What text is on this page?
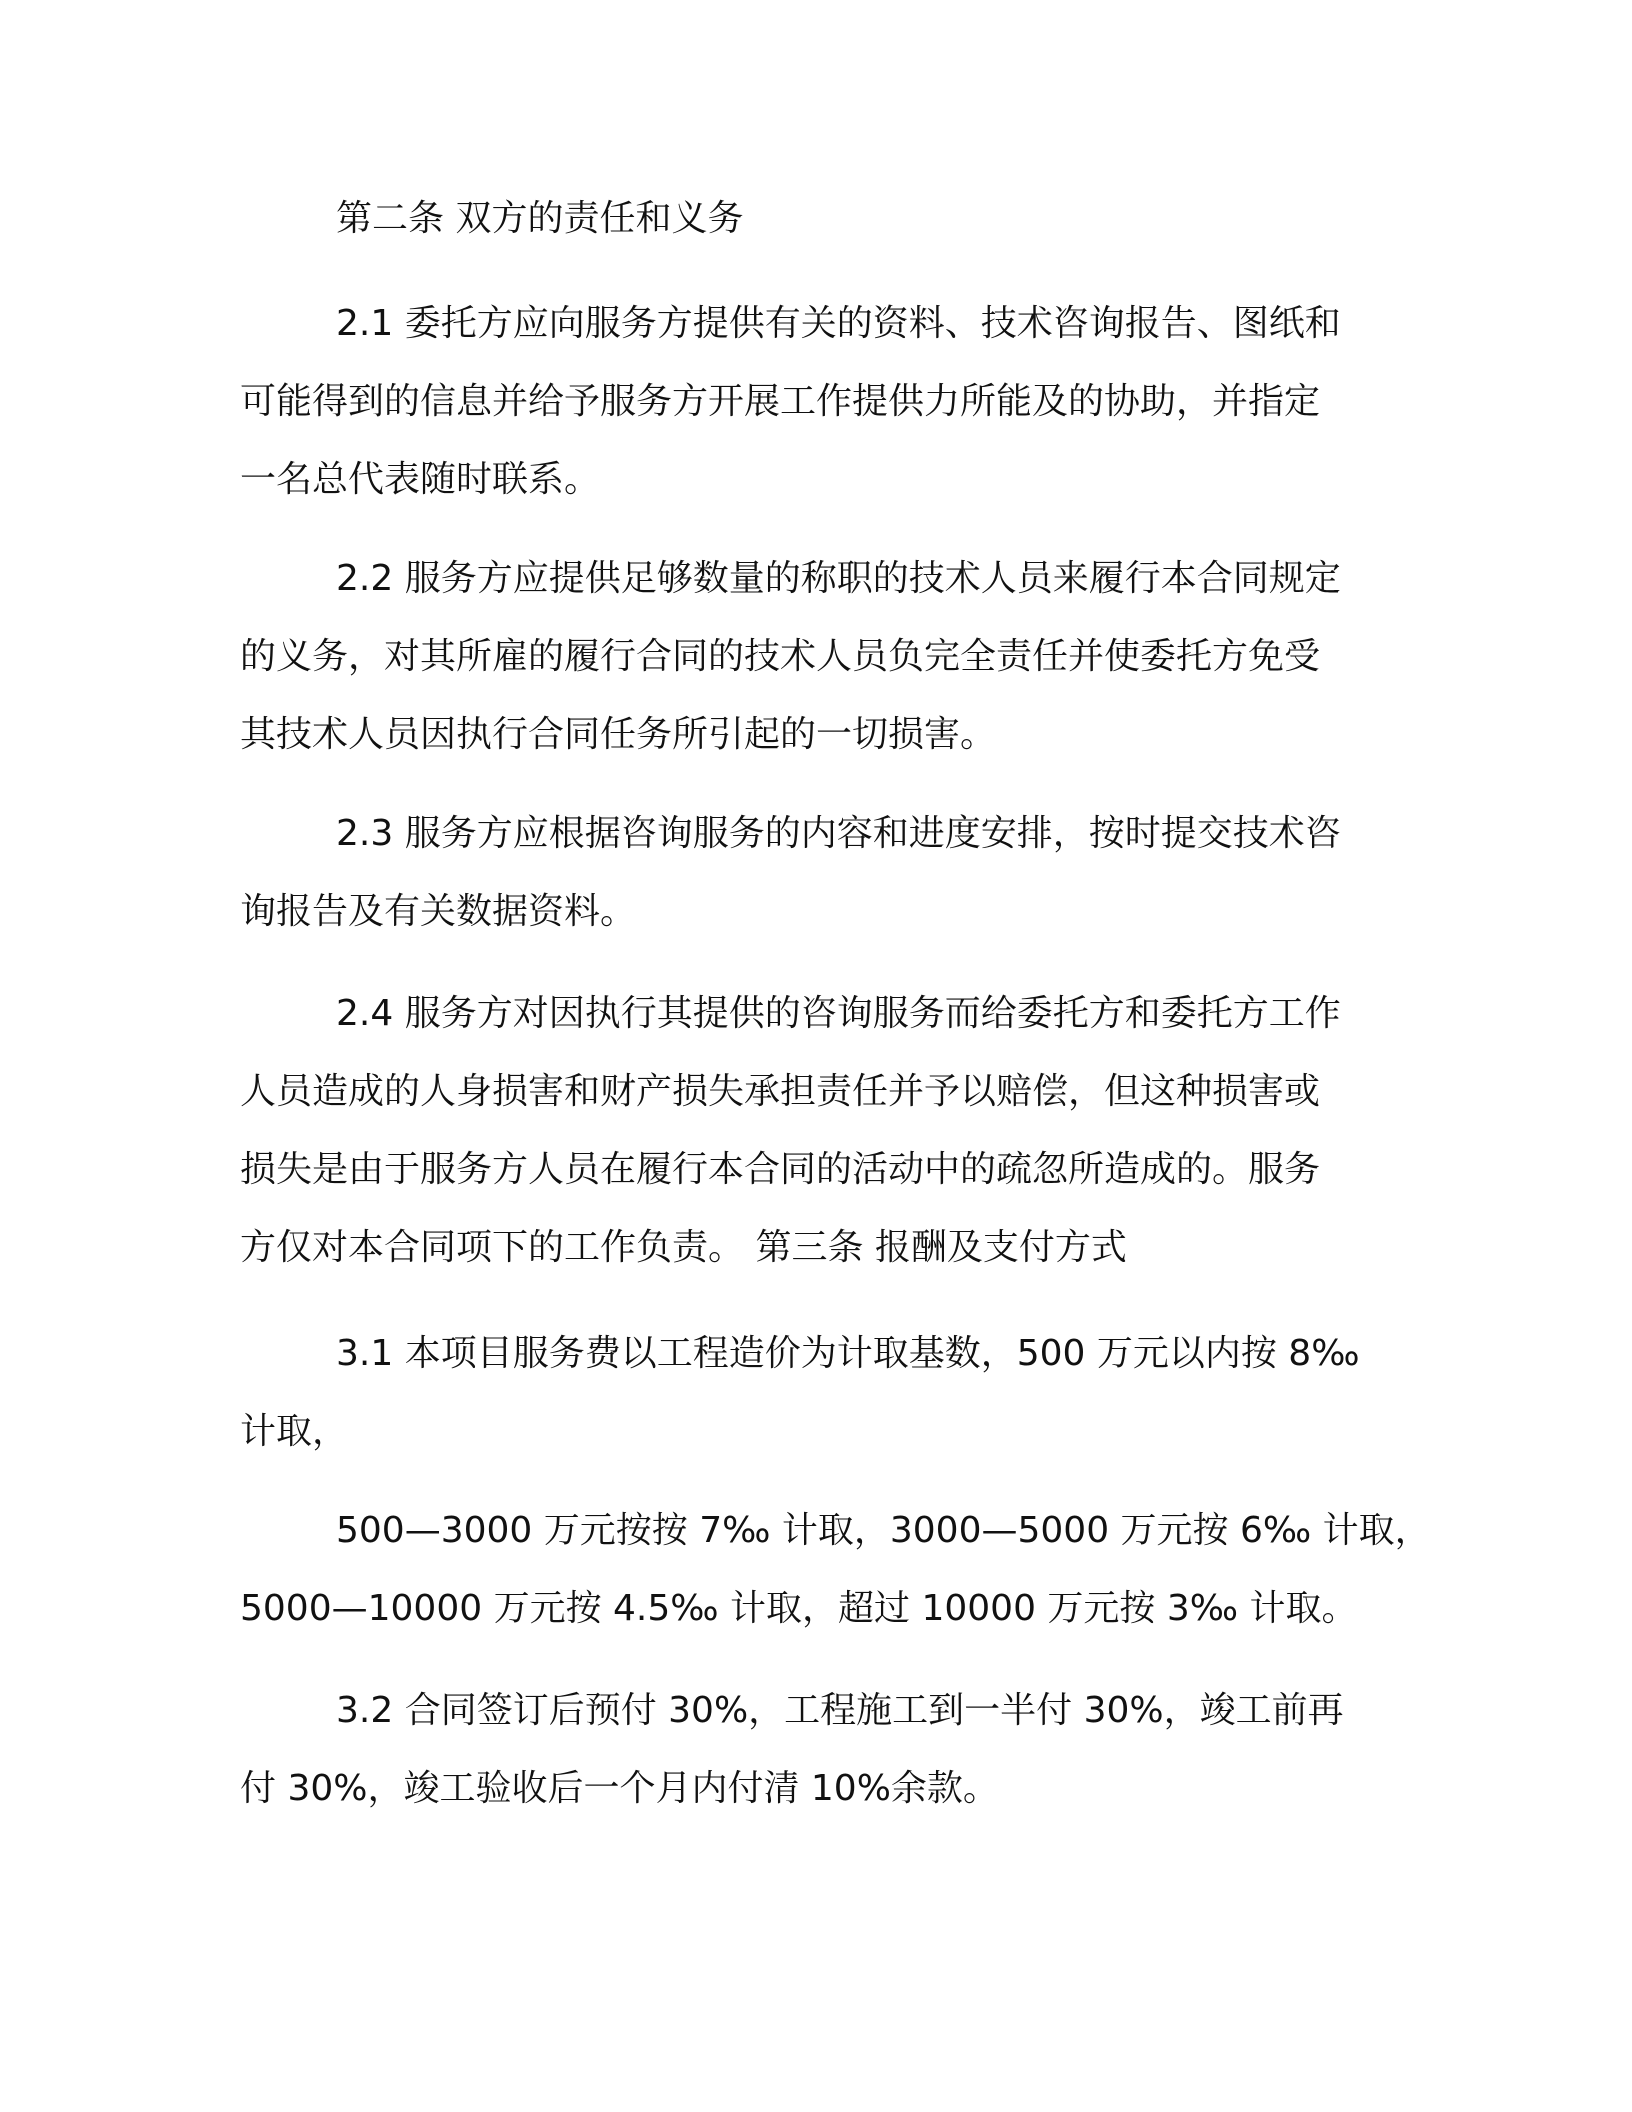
第二条 双方的责任和义务
2.1 委托方应向服务方提供有关的资料、技术咨询报告、图纸和
可能得到的信息并给予服务方开展工作提供力所能及的协助，并指定
一名总代表随时联系。
2.2 服务方应提供足够数量的称职的技术人员来履行本合同规定
的义务，对其所雇的履行合同的技术人员负完全责任并使委托方免受
其技术人员因执行合同任务所引起的一切损害。
2.3 服务方应根据咨询服务的内容和进度安排，按时提交技术咨
询报告及有关数据资料。
2.4 服务方对因执行其提供的咨询服务而给委托方和委托方工作
人员造成的人身损害和财产损失承担责任并予以赔偿，但这种损害或
损失是由于服务方人员在履行本合同的活动中的疏忽所造成的。服务
方仅对本合同项下的工作负责。 第三条 报酬及支付方式
3.1 本项目服务费以工程造价为计取基数，500 万元以内按 8‰
计取，
500—3000 万元按按 7‰ 计取，3000—5000 万元按 6‰ 计取，
5000—10000 万元按 4.5‰ 计取，超过 10000 万元按 3‰ 计取。
3.2 合同签订后预付 30%，工程施工到一半付 30%，竣工前再
付 30%，竣工验收后一个月内付清 10%余款。
